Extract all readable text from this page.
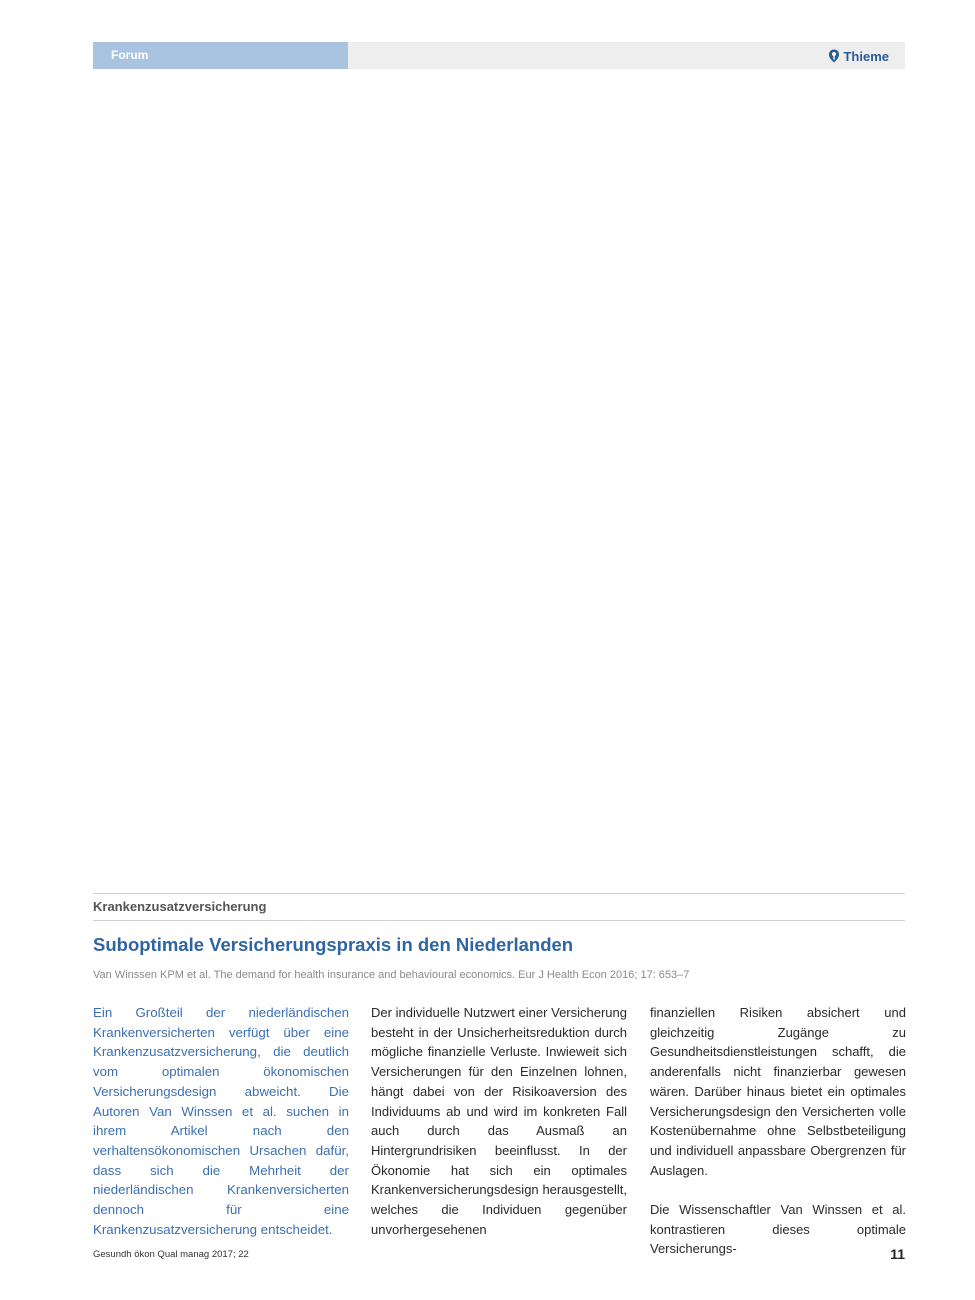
Forum	Thieme
Krankenzusatzversicherung
Suboptimale Versicherungspraxis in den Niederlanden
Van Winssen KPM et al. The demand for health insurance and behavioural economics. Eur J Health Econ 2016; 17: 653–7

Ein Großteil der niederländischen Krankenversicherten verfügt über eine Krankenzusatzversicherung, die deutlich vom optimalen ökonomischen Versicherungsdesign abweicht. Die Autoren Van Winssen et al. suchen in ihrem Artikel nach den verhaltensökonomischen Ursachen dafür, dass sich die Mehrheit der niederländischen Krankenversicherten dennoch für eine Krankenzusatzversicherung entscheidet.

Der individuelle Nutzwert einer Versicherung besteht in der Unsicherheitsreduktion durch mögliche finanzielle Verluste. Inwieweit sich Versicherungen für den Einzelnen lohnen, hängt dabei von der Risikoaversion des Individuums ab und wird im konkreten Fall auch durch das Ausmaß an Hintergrundrisiken beeinflusst. In der Ökonomie hat sich ein optimales Krankenversicherungsdesign herausgestellt, welches die Individuen gegenüber unvorhergesehenen

finanziellen Risiken absichert und gleichzeitig Zugänge zu Gesundheitsdienstleistungen schafft, die anderenfalls nicht finanzierbar gewesen wären. Darüber hinaus bietet ein optimales Versicherungsdesign den Versicherten volle Kostenübernahme ohne Selbstbeteiligung und individuell anpassbare Obergrenzen für Auslagen.

Die Wissenschaftler Van Winssen et al. kontrastieren dieses optimale Versicherungs-

Gesundh ökon Qual manag 2017; 22	11
